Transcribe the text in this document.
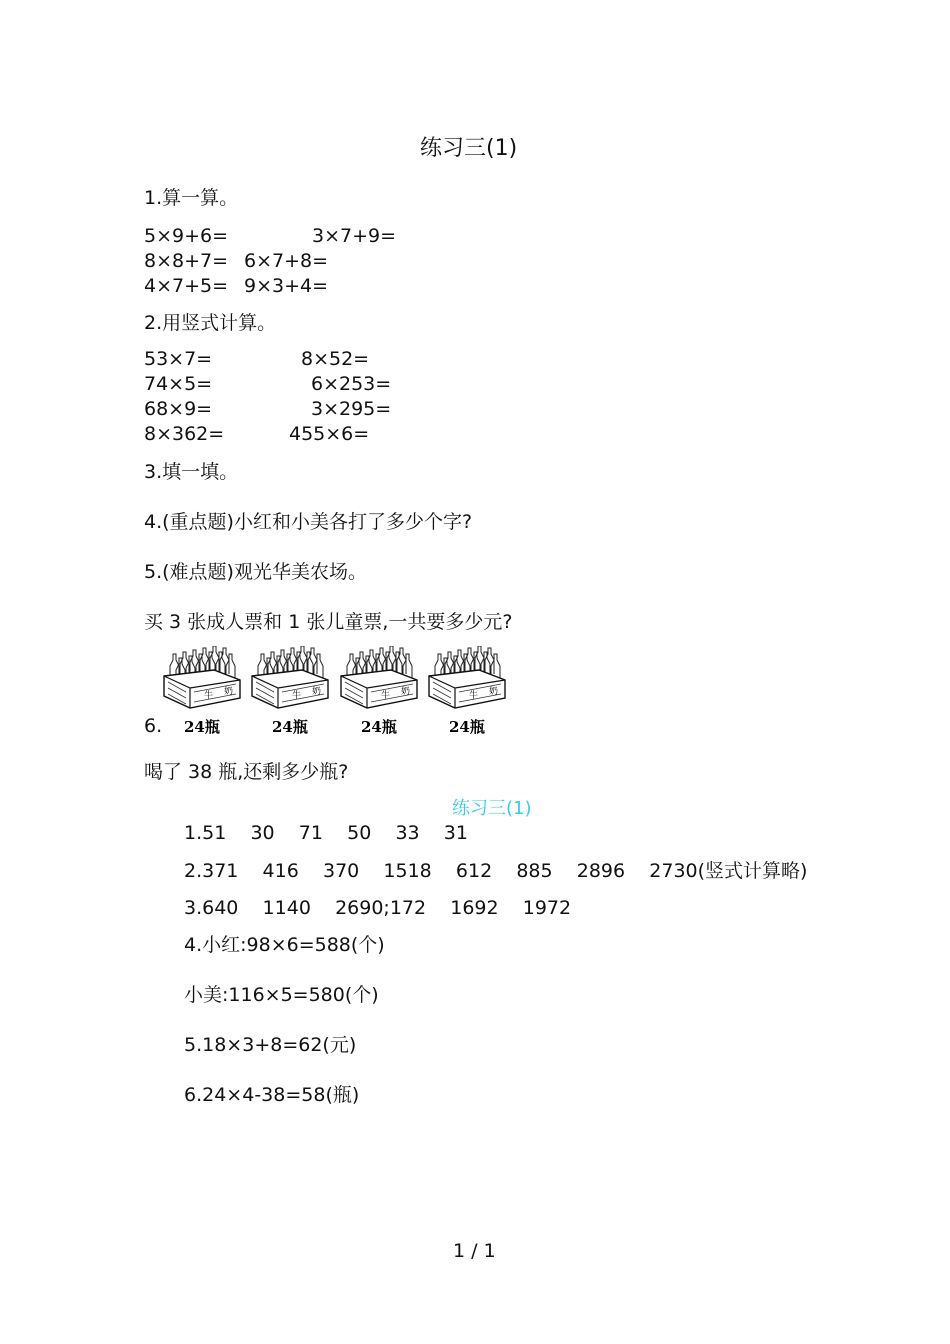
练习三(1)
1.算一算。
5×9+6=	3×7+9=
8×8+7= 6×7+8=
4×7+5= 9×3+4=
2.用竖式计算。
53×7=	8×52=
74×5=	6×253=
68×9=	3×295=
8×362=	455×6=
3.填一填。
4.(重点题)小红和小美各打了多少个字?
5.(难点题)观光华美农场。
买 3 张成人票和 1 张儿童票,一共要多少元?
6.
牛 奶	牛 奶	牛 奶	牛 奶
24瓶	24瓶	24瓶	24瓶
喝了 38 瓶,还剩多少瓶?
练习三(1)
1.51    30    71    50    33    31
2.371    416    370    1518    612    885    2896    2730(竖式计算略)
3.640    1140    2690;172    1692    1972
4.小红:98×6=588(个)
小美:116×5=580(个)
5.18×3+8=62(元)
6.24×4-38=58(瓶)
1 / 1
